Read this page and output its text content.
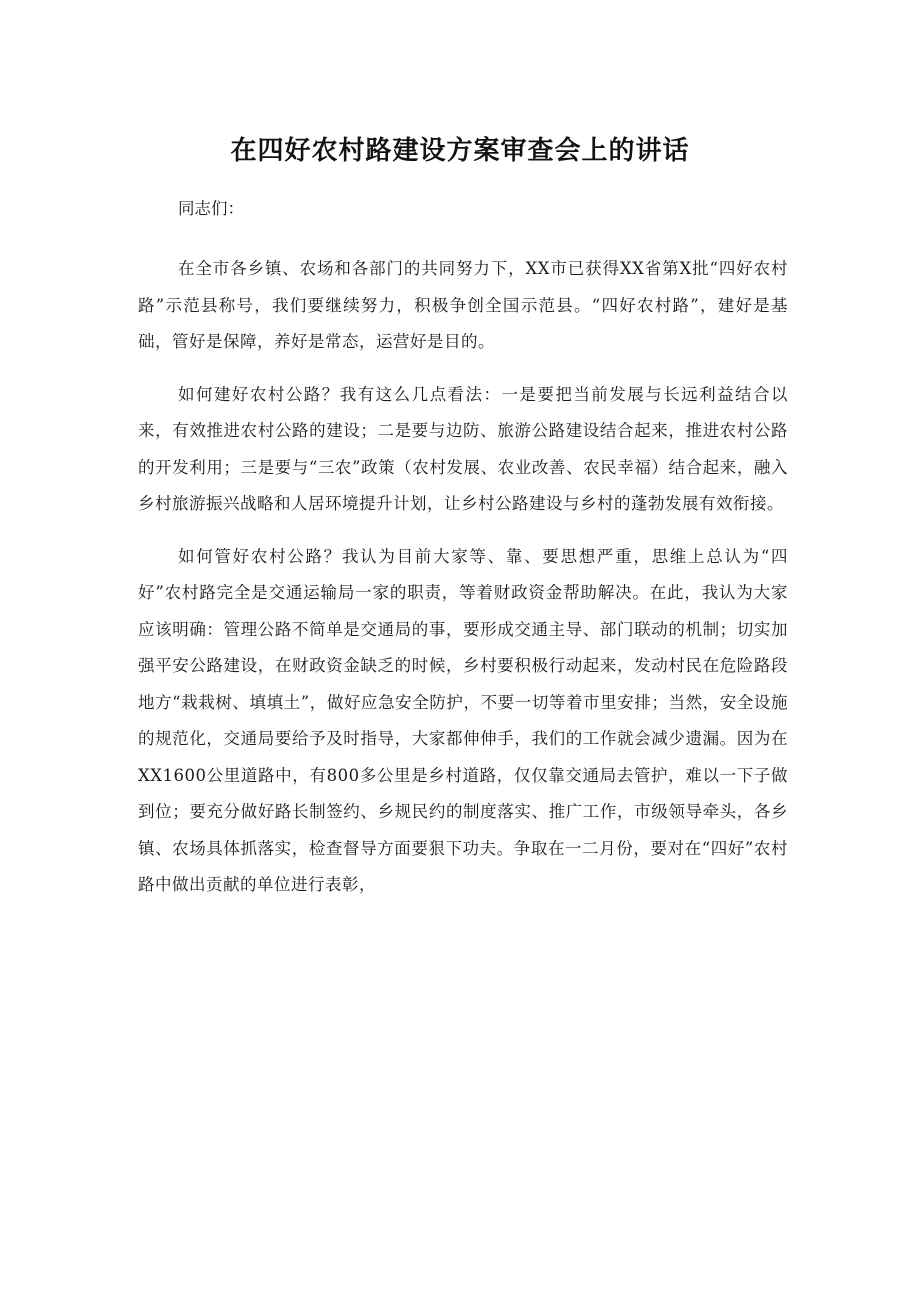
在四好农村路建设方案审查会上的讲话
同志们：

在全市各乡镇、农场和各部门的共同努力下，XX市已获得XX省第X批“四好农村路”示范县称号，我们要继续努力，积极争创全国示范县。“四好农村路”，建好是基础，管好是保障，养好是常态，运营好是目的。

如何建好农村公路？我有这么几点看法：一是要把当前发展与长远利益结合以来，有效推进农村公路的建设；二是要与边防、旅游公路建设结合起来，推进农村公路的开发利用；三是要与“三农”政策（农村发展、农业改善、农民幸福）结合起来，融入乡村旅游振兴战略和人居环境提升计划，让乡村公路建设与乡村的蓬勃发展有效衔接。

如何管好农村公路？我认为目前大家等、靠、要思想严重，思维上总认为“四好”农村路完全是交通运输局一家的职责，等着财政资金帮助解决。在此，我认为大家应该明确：管理公路不简单是交通局的事，要形成交通主导、部门联动的机制；切实加强平安公路建设，在财政资金缺乏的时候，乡村要积极行动起来，发动村民在危险路段地方“栽栽树、填填土”，做好应急安全防护，不要一切等着市里安排；当然，安全设施的规范化，交通局要给予及时指导，大家都伸伸手，我们的工作就会减少遗漏。因为在XX1600公里道路中，有800多公里是乡村道路，仅仅靠交通局去管护，难以一下子做到位；要充分做好路长制签约、乡规民约的制度落实、推广工作，市级领导牵头，各乡镇、农场具体抓落实，检查督导方面要狠下功夫。争取在一二月份，要对在“四好”农村路中做出贡献的单位进行表彰，
